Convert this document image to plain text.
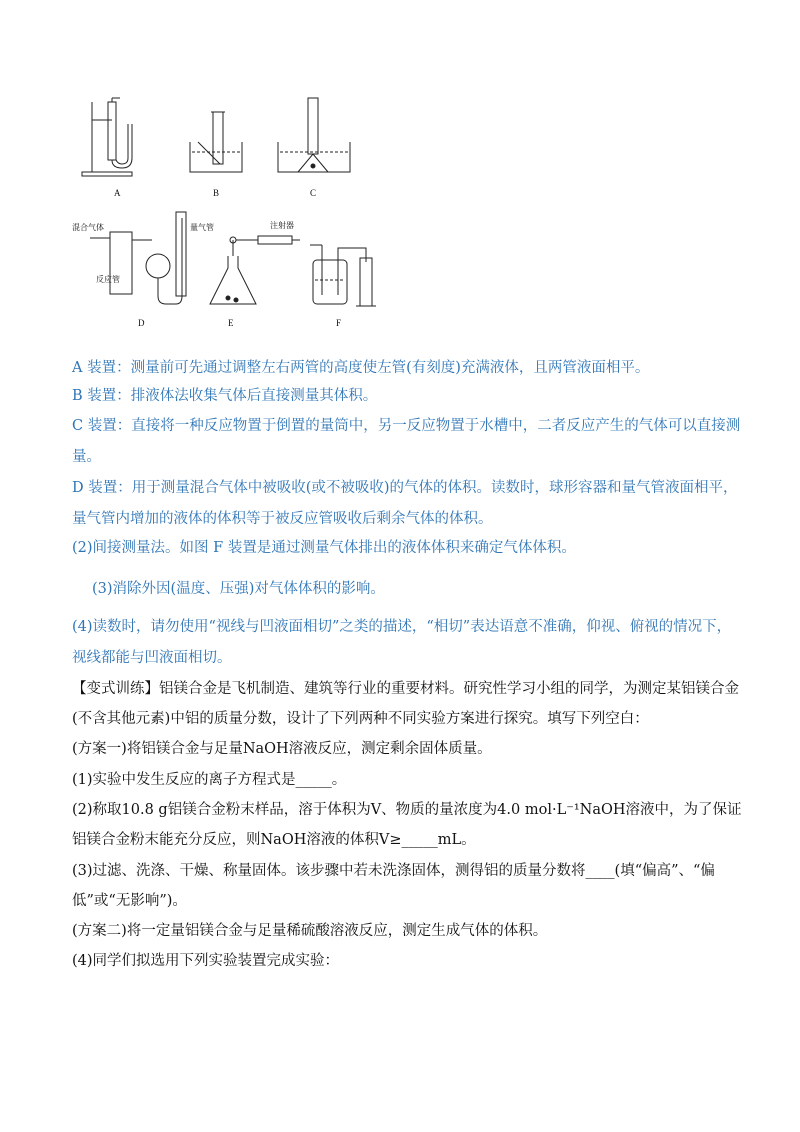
A	B	C
D	E	F
混合气体
反应管
量气管	注射器
A 装置：测量前可先通过调整左右两管的高度使左管(有刻度)充满液体，且两管液面相平。
B 装置：排液体法收集气体后直接测量其体积。
C 装置：直接将一种反应物置于倒置的量筒中，另一反应物置于水槽中，二者反应产生的气体可以直接测
量。
D 装置：用于测量混合气体中被吸收(或不被吸收)的气体的体积。读数时，球形容器和量气管液面相平，
量气管内增加的液体的体积等于被反应管吸收后剩余气体的体积。
(2)间接测量法。如图 F 装置是通过测量气体排出的液体体积来确定气体体积。
(3)消除外因(温度、压强)对气体体积的影响。
(4)读数时，请勿使用“视线与凹液面相切”之类的描述，“相切”表达语意不准确，仰视、俯视的情况下，
视线都能与凹液面相切。
【变式训练】铝镁合金是飞机制造、建筑等行业的重要材料。研究性学习小组的同学，为测定某铝镁合金
(不含其他元素)中铝的质量分数，设计了下列两种不同实验方案进行探究。填写下列空白：
(方案一)将铝镁合金与足量NaOH溶液反应，测定剩余固体质量。
(1)实验中发生反应的离子方程式是_____。
(2)称取10.8 g铝镁合金粉末样品，溶于体积为V、物质的量浓度为4.0 mol·L⁻¹NaOH溶液中，为了保证
铝镁合金粉末能充分反应，则NaOH溶液的体积V≥_____mL。
(3)过滤、洗涤、干燥、称量固体。该步骤中若未洗涤固体，测得铝的质量分数将____(填“偏高”、“偏
低”或“无影响”)。
(方案二)将一定量铝镁合金与足量稀硫酸溶液反应，测定生成气体的体积。
(4)同学们拟选用下列实验装置完成实验：
